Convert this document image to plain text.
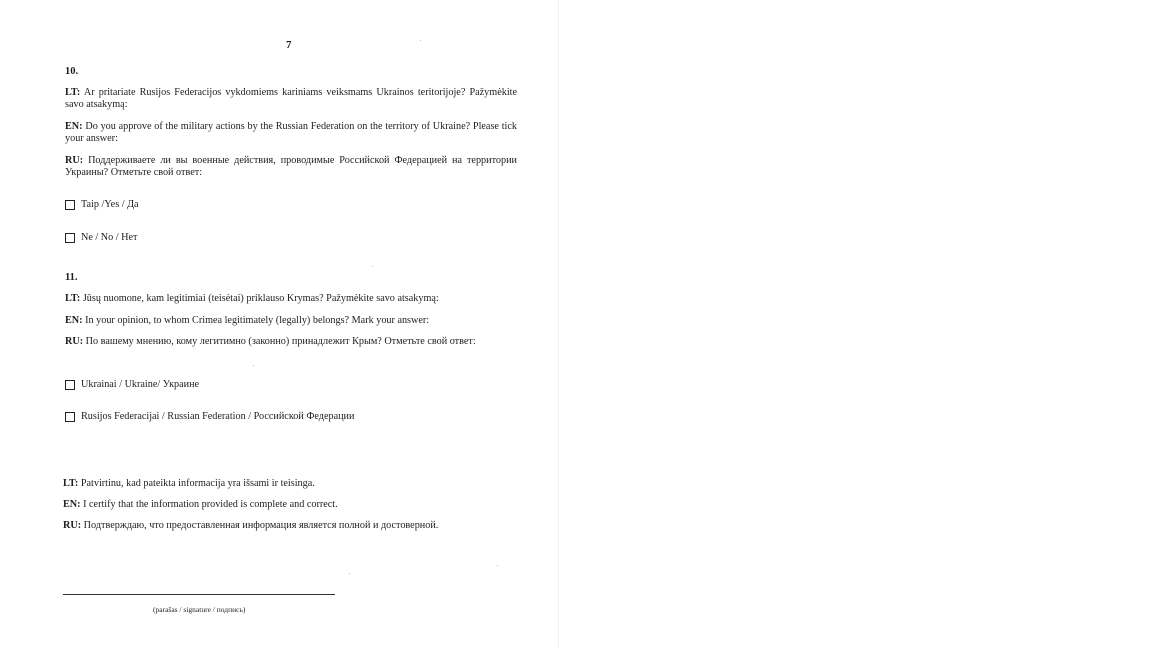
7
10.
LT: Ar pritariate Rusijos Federacijos vykdomiems kariniams veiksmams Ukrainos teritorijoje? Pažymėkite savo atsakymą:
EN: Do you approve of the military actions by the Russian Federation on the territory of Ukraine? Please tick your answer:
RU: Поддерживаете ли вы военные действия, проводимые Российской Федерацией на территории Украины? Отметьте свой ответ:
Taip /Yes / Да
Ne / No / Нет
11.
LT: Jūsų nuomone, kam legitimiai (teisėtai) priklauso Krymas? Pažymėkite savo atsakymą:
EN: In your opinion, to whom Crimea legitimately (legally) belongs? Mark your answer:
RU: По вашему мнению, кому легитимно (законно) принадлежит Крым? Отметьте свой ответ:
Ukrainai / Ukraine/ Украине
Rusijos Federacijai / Russian Federation / Российской Федерации
LT: Patvirtinu, kad pateikta informacija yra išsami ir teisinga.
EN: I certify that the information provided is complete and correct.
RU: Подтверждаю, что предоставленная информация является полной и достоверной.
(parašas / signature / подпись)
